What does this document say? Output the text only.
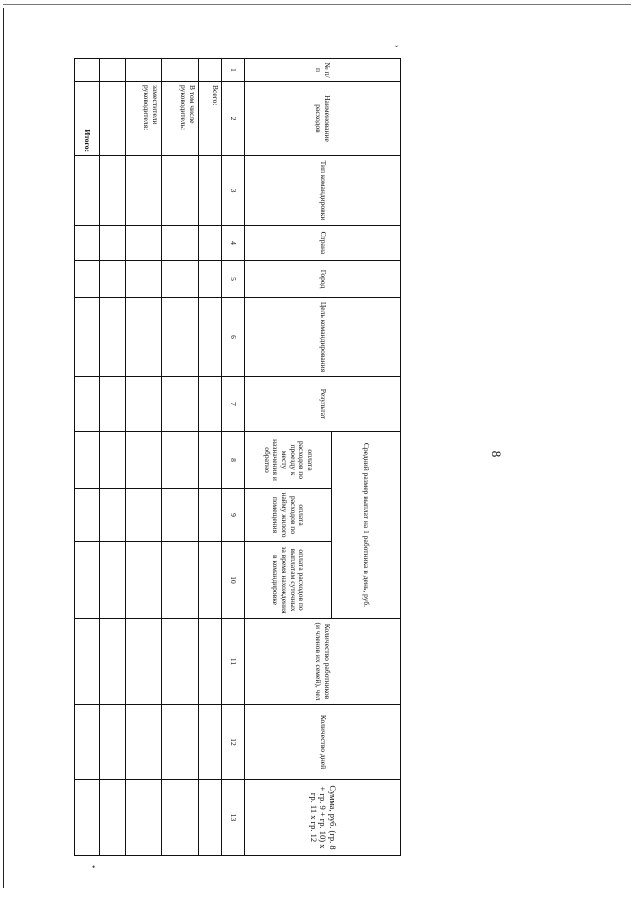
8
ˇ
•
№ п/п	Наименование расходов	Тип командировки	Страна	Город	Цель командирования	Результат	Средний размер выплат на 1 работника в день, руб.			Количество работников (и членов их семей), чел	Количество дней	Сумма, руб. (гр. 8 + гр. 9 + гр. 10) х гр. 11 х гр. 12
							оплата расходов по проезду к месту назначения и обратно	оплата расходов по найму жилого помещения	оплата расходов по выплатам суточных за время нахождения в командировке			
1	2	3	4	5	6	7	8	9	10	11	12	13
	Всего:											
	В том числе руководитель:											
	заместители руководителя:											

	Итого:											
